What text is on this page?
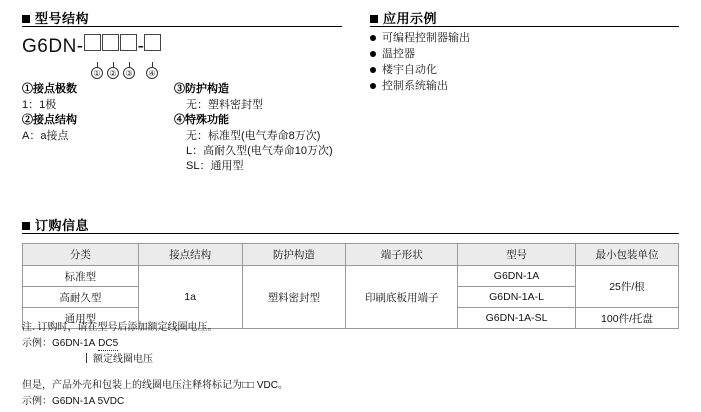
型号结构	应用示例
G6DN-	-
①	②	③	④
①接点极数
1：1极
②接点结构
A：a接点
③防护构造
无：塑料密封型
④特殊功能
无：标准型(电气寿命8万次)
L：高耐久型(电气寿命10万次)
SL：通用型
可编程控制器输出
温控器
楼宇自动化
控制系统输出
订购信息
分类	接点结构	防护构造	端子形状	型号	最小包装单位
标准型	1a	塑料密封型	印刷底板用端子	G6DN-1A	25件/根
高耐久型				G6DN-1A-L	
通用型				G6DN-1A-SL	100件/托盘
注. 订购时，请在型号后添加额定线圈电压。
示例：G6DN-1A DC5
额定线圈电压
但是，产品外壳和包装上的线圈电压注释将标记为□□ VDC。
示例：G6DN-1A 5VDC
